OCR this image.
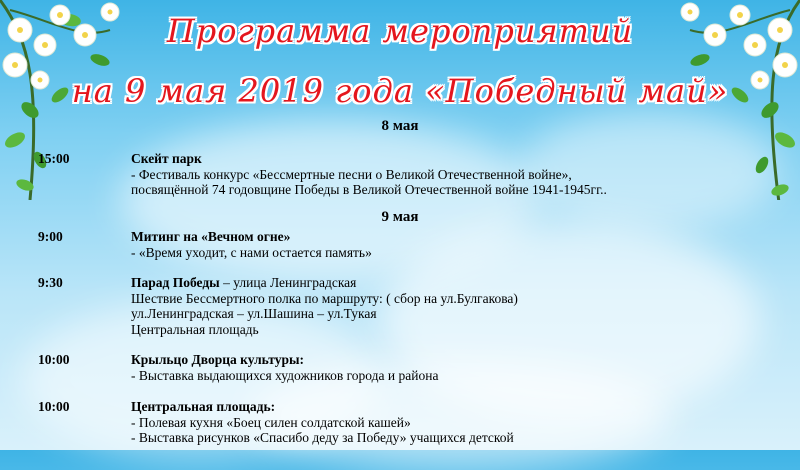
Программа мероприятий
на 9 мая 2019 года «Победный май»
8 мая
15:00	Скейт парк
- Фестиваль конкурс «Бессмертные песни о Великой Отечественной войне»,
посвящённой 74 годовщине Победы в Великой Отечественной войне 1941-1945гг..
9 мая
9:00	Митинг на «Вечном огне»
- «Время уходит, с нами остается память»
9:30	Парад Победы – улица Ленинградская
Шествие Бессмертного полка по маршруту: ( сбор на ул.Булгакова)
ул.Ленинградская – ул.Шашина – ул.Тукая
Центральная площадь
10:00	Крыльцо Дворца культуры:
- Выставка выдающихся художников города и района
10:00	Центральная площадь:
- Полевая кухня «Боец силен солдатской кашей»
- Выставка рисунков «Спасибо деду за Победу» учащихся детской
